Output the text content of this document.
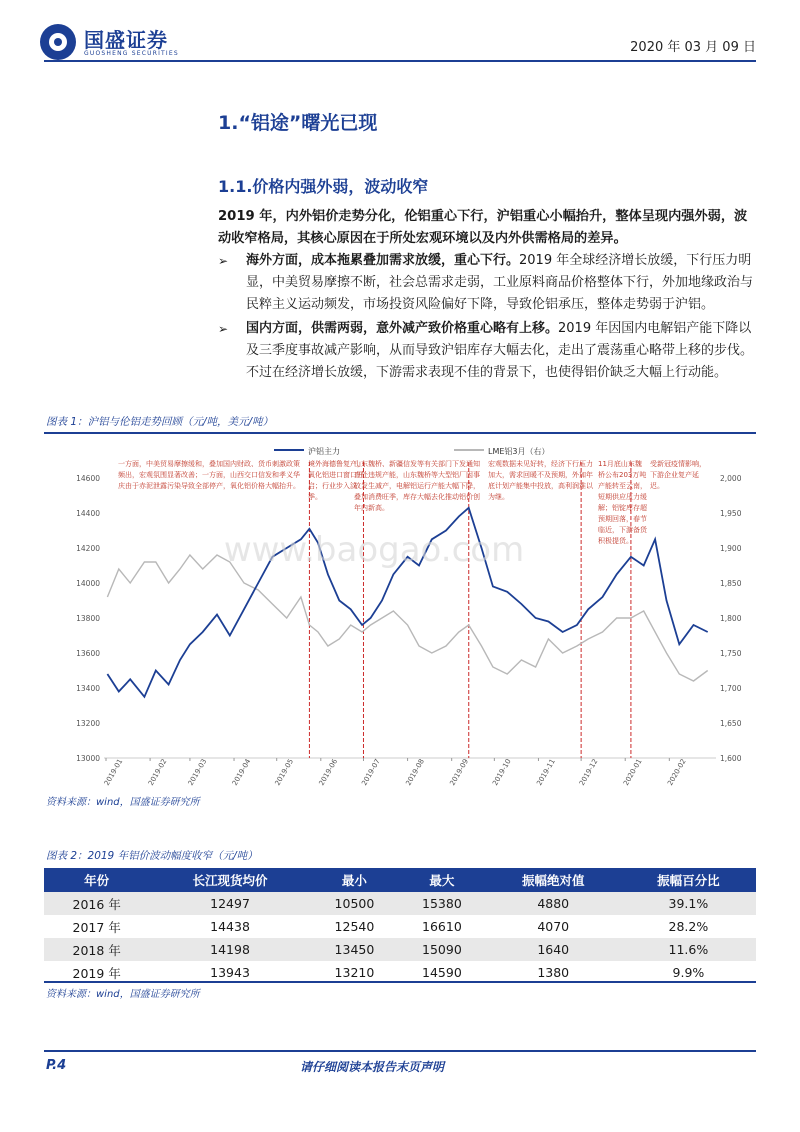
国盛证券
GUOSHENG SECURITIES	2020 年 03 月 09 日
1.“铝途”曙光已现
1.1.价格内强外弱，波动收窄
2019 年，内外铝价走势分化，伦铝重心下行，沪铝重心小幅抬升，整体呈现内强外弱，波动收窄格局，其核心原因在于所处宏观环境以及内外供需格局的差异。
➢ 海外方面，成本拖累叠加需求放缓，重心下行。2019 年全球经济增长放缓，下行压力明显，中美贸易摩擦不断，社会总需求走弱，工业原料商品价格整体下行，外加地缘政治与民粹主义运动频发，市场投资风险偏好下降，导致伦铝承压，整体走势弱于沪铝。
➢ 国内方面，供需两弱，意外减产致价格重心略有上移。2019 年因国内电解铝产能下降以及三季度事故减产影响，从而导致沪铝库存大幅去化，走出了震荡重心略带上移的步伐。不过在经济增长放缓，下游需求表现不佳的背景下，也使得铝价缺乏大幅上行动能。
图表 1：沪铝与伦铝走势回顾（元/吨，美元/吨）
沪铝主力	LME铝3月（右）
13000
13200
13400
13600
13800
14000
14200
14400
14600
1,600
1,650
1,700
1,750
1,800
1,850
1,900
1,950
2,000
2019-01	2019-02	2019-03	2019-04	2019-05	2019-06	2019-07	2019-08	2019-09	2019-10	2019-11	2019-12	2020-01	2020-02
www.baogao.com
一方面，中美贸易摩擦缓和，叠加国内财政、货币刺激政策频出，宏观氛围显著改善；一方面，山西交口信发和孝义华庆由于赤泥泄露污染导致全部停产，氧化铝价格大幅抬升。
境外海德鲁复产，氧化铝进口窗口开启；行业步入淡季。
山东魏桥、新疆信发等有关部门下发通知查处违规产能，山东魏桥等大型铝厂因事故发生减产，电解铝运行产能大幅下降，叠加消费旺季，库存大幅去化推动铝价创年内新高。
宏观数据未见好转，经济下行压力加大，需求回暖不及预期，外加年底计划产能集中投放，高利润难以为继。
11月底山东魏桥公布203万吨产能转至云南，短期供应压力缓解；铝锭库存超预期回落，春节临近，下游备货积极提货。
受新冠疫情影响，下游企业复产延迟。
资料来源：wind，国盛证券研究所
图表 2：2019 年铝价波动幅度收窄（元/吨）
年份	长江现货均价	最小	最大	振幅绝对值	振幅百分比
2016 年	12497	10500	15380	4880	39.1%
2017 年	14438	12540	16610	4070	28.2%
2018 年	14198	13450	15090	1640	11.6%
2019 年	13943	13210	14590	1380	9.9%
资料来源：wind，国盛证券研究所
P.4	请仔细阅读本报告末页声明
